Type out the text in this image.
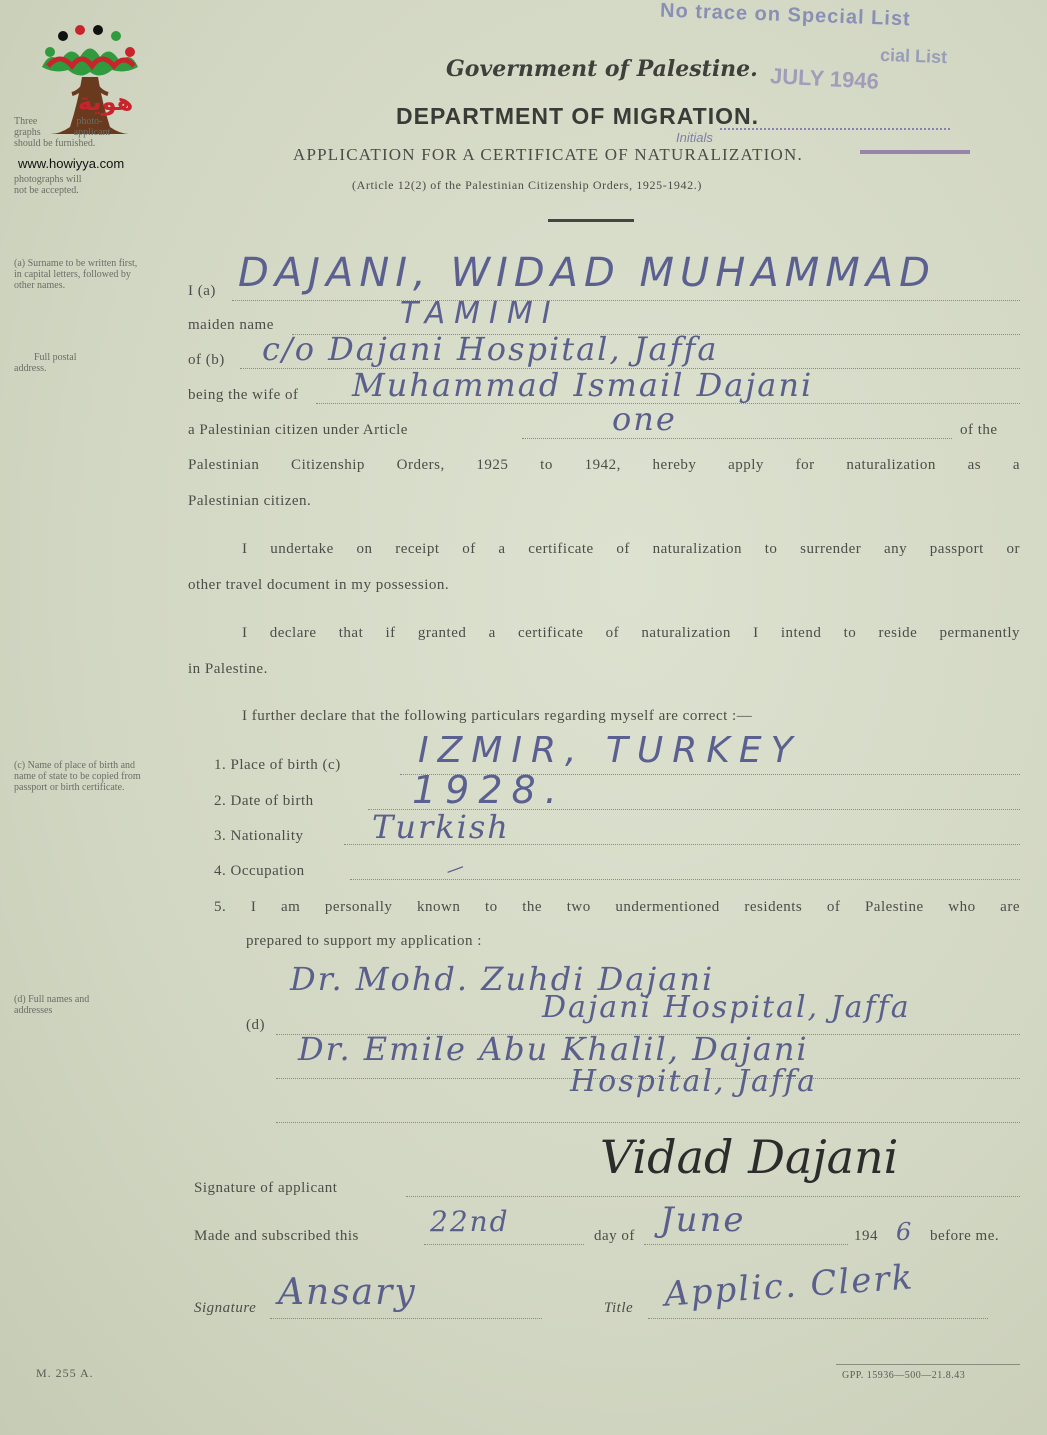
هوية
www.howiyya.com
Three	photo-
graphs	applicant
should be furnished.

photographs will
not be accepted.
(a) Surname to be written first, in capital letters, followed by other names.
Full postal address.
(c) Name of place of birth and name of state to be copied from passport or birth certificate.
(d) Full names and addresses
No trace on Special List
cial List
JULY 1946
Initials
Government of Palestine.
DEPARTMENT OF MIGRATION.
APPLICATION FOR A CERTIFICATE OF NATURALIZATION.
(Article 12(2) of the Palestinian Citizenship Orders, 1925-1942.)
I (a) DAJANI, WIDAD MUHAMMAD
maiden name	TAMIMI
of (b) c/o Dajani Hospital, Jaffa
being the wife of Muhammad Ismail Dajani
a Palestinian citizen under Article	one	of the
Palestinian Citizenship Orders, 1925 to 1942, hereby apply for naturalization as a
Palestinian citizen.
I undertake on receipt of a certificate of naturalization to surrender any passport or
other travel document in my possession.
I declare that if granted a certificate of naturalization I intend to reside permanently
in Palestine.
I further declare that the following particulars regarding myself are correct :—
1. Place of birth (c) IZMIR, TURKEY
2. Date of birth	1928.
3. Nationality Turkish
4. Occupation	—
5. I am personally known to the two undermentioned residents of Palestine who are
prepared to support my application :
(d)
Dr. Mohd. Zuhdi Dajani
Dajani Hospital, Jaffa
Dr. Emile Abu Khalil, Dajani
Hospital, Jaffa
Signature of applicant
Vidad Dajani
Made and subscribed this	22nd	day of June	194 6 before me.
Signature Ansary	Title Applic. Clerk
M. 255 A.	GPP. 15936—500—21.8.43
